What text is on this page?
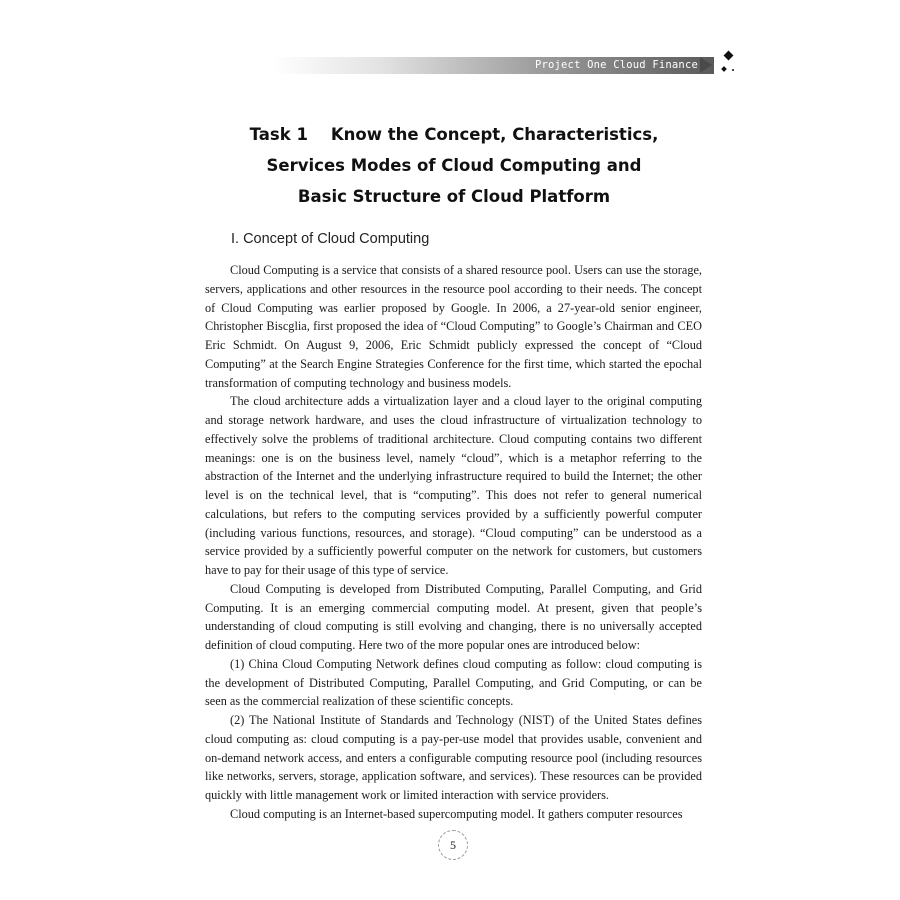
Project One Cloud Finance
Task 1    Know the Concept, Characteristics,
Services Modes of Cloud Computing and
Basic Structure of Cloud Platform
I. Concept of Cloud Computing

Cloud Computing is a service that consists of a shared resource pool. Users can use the storage, servers, applications and other resources in the resource pool according to their needs. The concept of Cloud Computing was earlier proposed by Google. In 2006, a 27-year-old senior engineer, Christopher Biscglia, first proposed the idea of “Cloud Computing” to Google’s Chairman and CEO Eric Schmidt. On August 9, 2006, Eric Schmidt publicly expressed the concept of “Cloud Computing” at the Search Engine Strategies Conference for the first time, which started the epochal transformation of computing technology and business models.

The cloud architecture adds a virtualization layer and a cloud layer to the original computing and storage network hardware, and uses the cloud infrastructure of virtualization technology to effectively solve the problems of traditional architecture. Cloud computing contains two different meanings: one is on the business level, namely “cloud”, which is a metaphor referring to the abstraction of the Internet and the underlying infrastructure required to build the Internet; the other level is on the technical level, that is “computing”. This does not refer to general numerical calculations, but refers to the computing services provided by a sufficiently powerful computer (including various functions, resources, and storage). “Cloud computing” can be understood as a service provided by a sufficiently powerful computer on the network for customers, but customers have to pay for their usage of this type of service.

Cloud Computing is developed from Distributed Computing, Parallel Computing, and Grid Computing. It is an emerging commercial computing model. At present, given that people’s understanding of cloud computing is still evolving and changing, there is no universally accepted definition of cloud computing. Here two of the more popular ones are introduced below:

(1) China Cloud Computing Network defines cloud computing as follow: cloud computing is the development of Distributed Computing, Parallel Computing, and Grid Computing, or can be seen as the commercial realization of these scientific concepts.

(2) The National Institute of Standards and Technology (NIST) of the United States defines cloud computing as: cloud computing is a pay-per-use model that provides usable, convenient and on-demand network access, and enters a configurable computing resource pool (including resources like networks, servers, storage, application software, and services). These resources can be provided quickly with little management work or limited interaction with service providers.

Cloud computing is an Internet-based supercomputing model. It gathers computer resources

5
